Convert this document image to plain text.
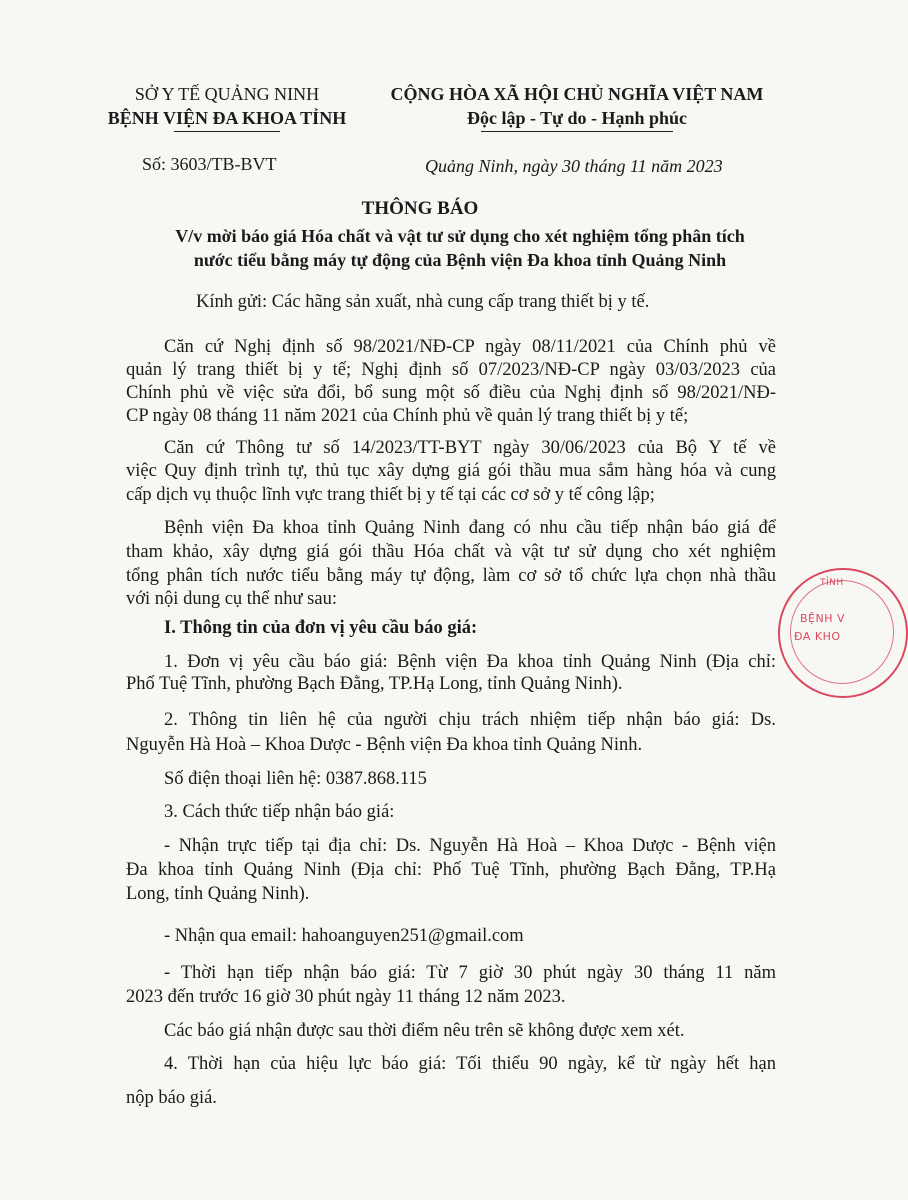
SỞ Y TẾ QUẢNG NINH
BỆNH VIỆN ĐA KHOA TỈNH
CỘNG HÒA XÃ HỘI CHỦ NGHĨA VIỆT NAM
Độc lập - Tự do - Hạnh phúc
Số: 3603/TB-BVT	Quảng Ninh, ngày 30 tháng 11 năm 2023
THÔNG BÁO
V/v mời báo giá Hóa chất và vật tư sử dụng cho xét nghiệm tổng phân tích
nước tiểu bằng máy tự động của Bệnh viện Đa khoa tỉnh Quảng Ninh
Kính gửi: Các hãng sản xuất, nhà cung cấp trang thiết bị y tế.
Căn cứ Nghị định số 98/2021/NĐ-CP ngày 08/11/2021 của Chính phủ về
quản lý trang thiết bị y tế; Nghị định số 07/2023/NĐ-CP ngày 03/03/2023 của
Chính phủ về việc sửa đổi, bổ sung một số điều của Nghị định số 98/2021/NĐ-
CP ngày 08 tháng 11 năm 2021 của Chính phủ về quản lý trang thiết bị y tế;
Căn cứ Thông tư số 14/2023/TT-BYT ngày 30/06/2023 của Bộ Y tế về
việc Quy định trình tự, thủ tục xây dựng giá gói thầu mua sắm hàng hóa và cung
cấp dịch vụ thuộc lĩnh vực trang thiết bị y tế tại các cơ sở y tế công lập;
Bệnh viện Đa khoa tỉnh Quảng Ninh đang có nhu cầu tiếp nhận báo giá để
tham khảo, xây dựng giá gói thầu Hóa chất và vật tư sử dụng cho xét nghiệm
tổng phân tích nước tiểu bằng máy tự động, làm cơ sở tổ chức lựa chọn nhà thầu
với nội dung cụ thể như sau:
I. Thông tin của đơn vị yêu cầu báo giá:
1. Đơn vị yêu cầu báo giá: Bệnh viện Đa khoa tỉnh Quảng Ninh (Địa chỉ:
Phố Tuệ Tĩnh, phường Bạch Đằng, TP.Hạ Long, tỉnh Quảng Ninh).
2. Thông tin liên hệ của người chịu trách nhiệm tiếp nhận báo giá: Ds.
Nguyễn Hà Hoà – Khoa Dược - Bệnh viện Đa khoa tỉnh Quảng Ninh.
Số điện thoại liên hệ: 0387.868.115
3. Cách thức tiếp nhận báo giá:
- Nhận trực tiếp tại địa chỉ: Ds. Nguyễn Hà Hoà – Khoa Dược - Bệnh viện
Đa khoa tỉnh Quảng Ninh (Địa chỉ: Phố Tuệ Tĩnh, phường Bạch Đằng, TP.Hạ
Long, tỉnh Quảng Ninh).
- Nhận qua email: hahoanguyen251@gmail.com
- Thời hạn tiếp nhận báo giá: Từ 7 giờ 30 phút ngày 30 tháng 11 năm
2023 đến trước 16 giờ 30 phút ngày 11 tháng 12 năm 2023.
Các báo giá nhận được sau thời điểm nêu trên sẽ không được xem xét.
4. Thời hạn của hiệu lực báo giá: Tối thiểu 90 ngày, kể từ ngày hết hạn
nộp báo giá.
TỈNH
BỆNH V
ĐA KHO
